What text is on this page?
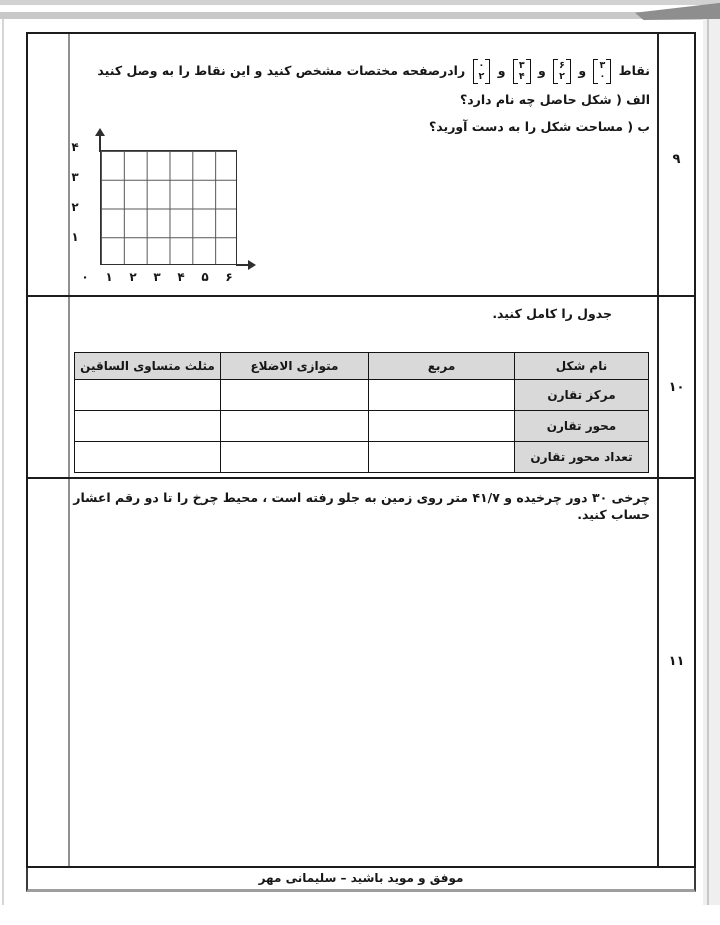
۹
۱۰
۱۱
نقاط
۳
۰
و
۶
۲
و
۳
۴
و
۰
۲
رادرصفحه مختصات مشخص کنید و این نقاط را به وصل کنید
الف ( شکل حاصل چه نام دارد؟
ب ( مساحت شکل را به دست آورید؟
۴
۳
۲
۱
۰ ۱ ۲ ۳ ۴ ۵ ۶
جدول را کامل کنید.
نام شکل	مربع	متوازی الاضلاع	مثلث متساوی الساقین
مرکز تقارن			
محور تقارن			
تعداد محور تقارن			
چرخی ۳۰ دور چرخیده و ۴۱/۷ متر روی زمین به جلو رفته است ، محیط چرخ را تا دو رقم اعشار حساب کنید.
موفق و موید باشید – سلیمانی مهر
